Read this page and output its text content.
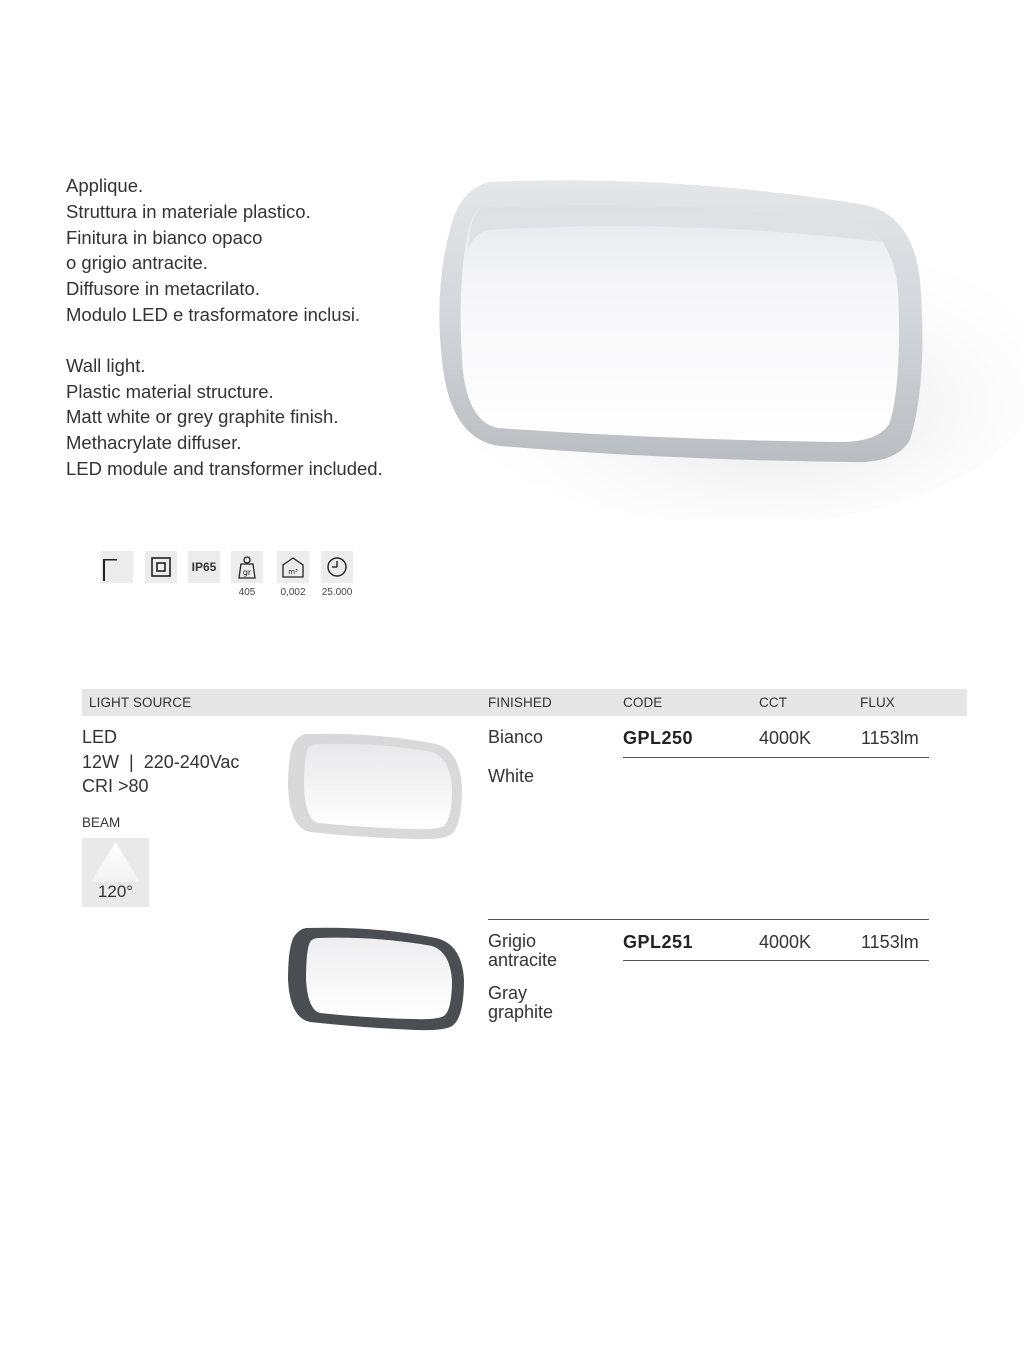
Applique.
Struttura in materiale plastico.
Finitura in bianco opaco
o grigio antracite.
Diffusore in metacrilato.
Modulo LED e trasformatore inclusi.
Wall light.
Plastic material structure.
Matt white or grey graphite finish.
Methacrylate diffuser.
LED module and transformer included.
IP65	gr	m³
405	0,002	25.000
LIGHT SOURCE	FINISHED	CODE	CCT	FLUX
LED
12W  |  220-240Vac
CRI >80
BEAM
120°
Bianco
White
GPL250	4000K	1153lm
Grigio
antracite
Gray
graphite
GPL251	4000K	1153lm
